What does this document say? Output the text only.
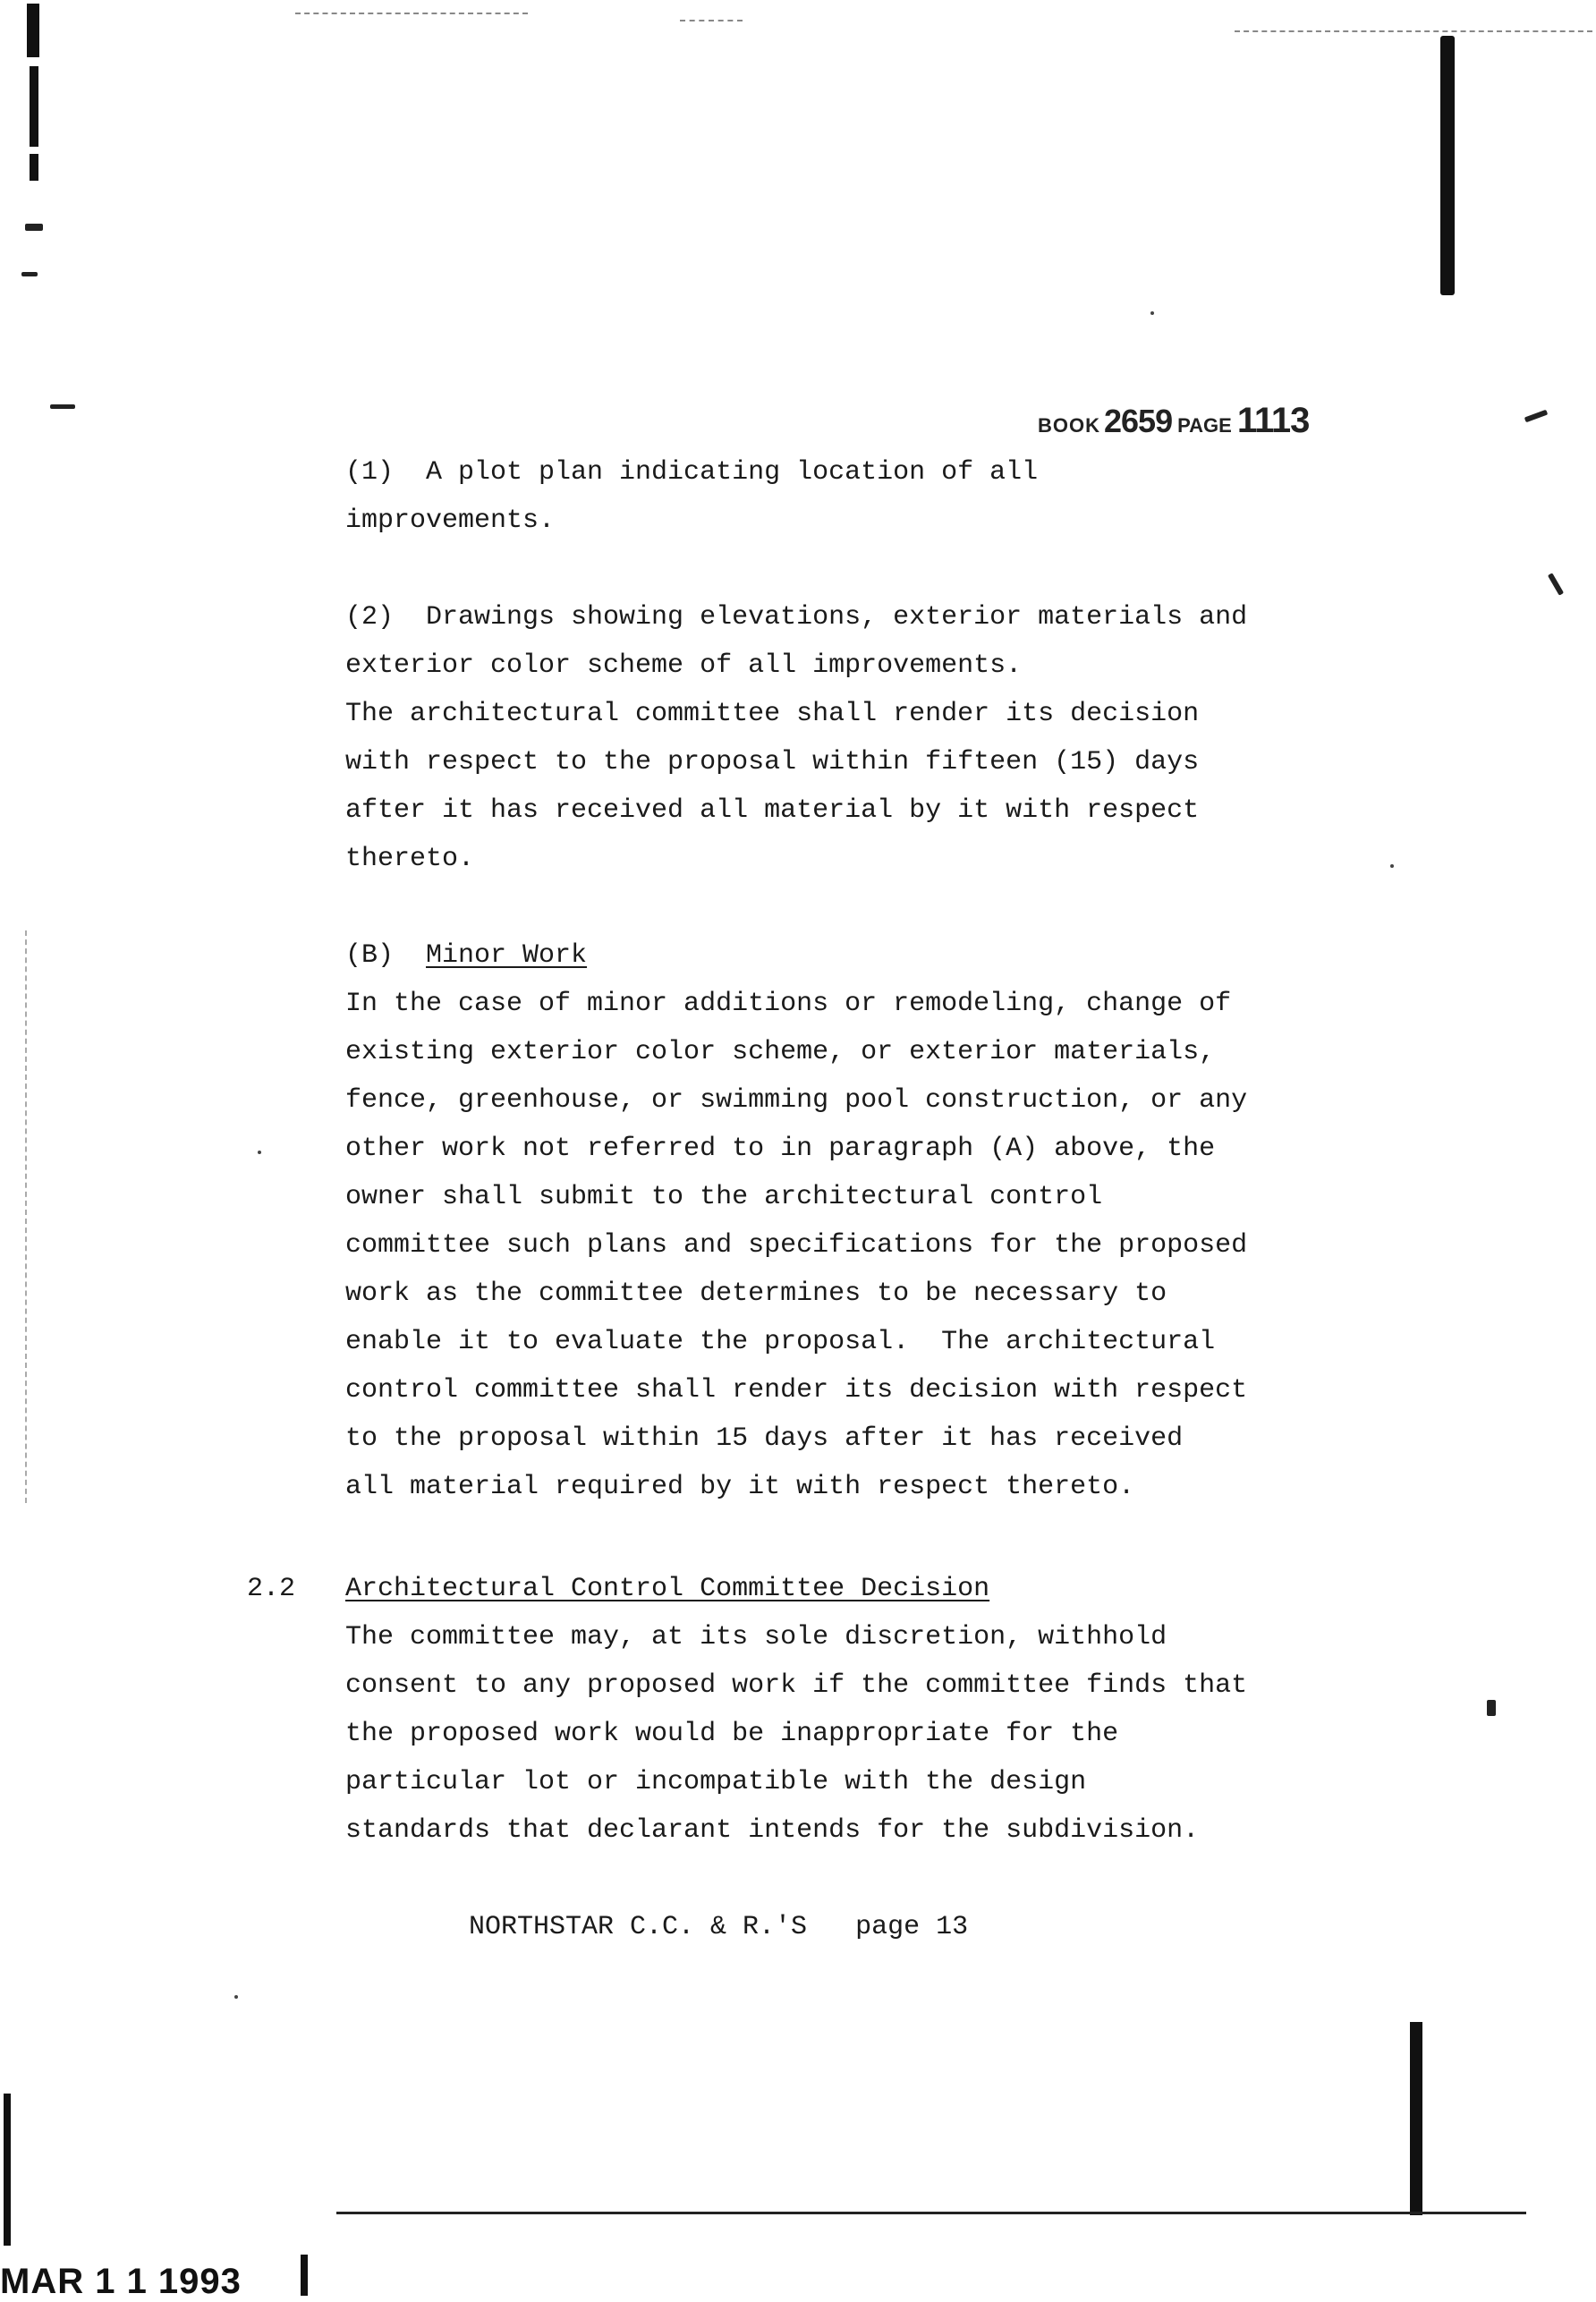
BOOK 2659 PAGE 1113
(1)  A plot plan indicating location of all
improvements.
(2)  Drawings showing elevations, exterior materials and
exterior color scheme of all improvements.
The architectural committee shall render its decision
with respect to the proposal within fifteen (15) days
after it has received all material by it with respect
thereto.
(B) Minor Work
In the case of minor additions or remodeling, change of
existing exterior color scheme, or exterior materials,
fence, greenhouse, or swimming pool construction, or any
other work not referred to in paragraph (A) above, the
owner shall submit to the architectural control
committee such plans and specifications for the proposed
work as the committee determines to be necessary to
enable it to evaluate the proposal.  The architectural
control committee shall render its decision with respect
to the proposal within 15 days after it has received
all material required by it with respect thereto.
2.2 Architectural Control Committee Decision
The committee may, at its sole discretion, withhold
consent to any proposed work if the committee finds that
the proposed work would be inappropriate for the
particular lot or incompatible with the design
standards that declarant intends for the subdivision.
NORTHSTAR C.C. & R.'S   page 13
MAR 1 1 1993
